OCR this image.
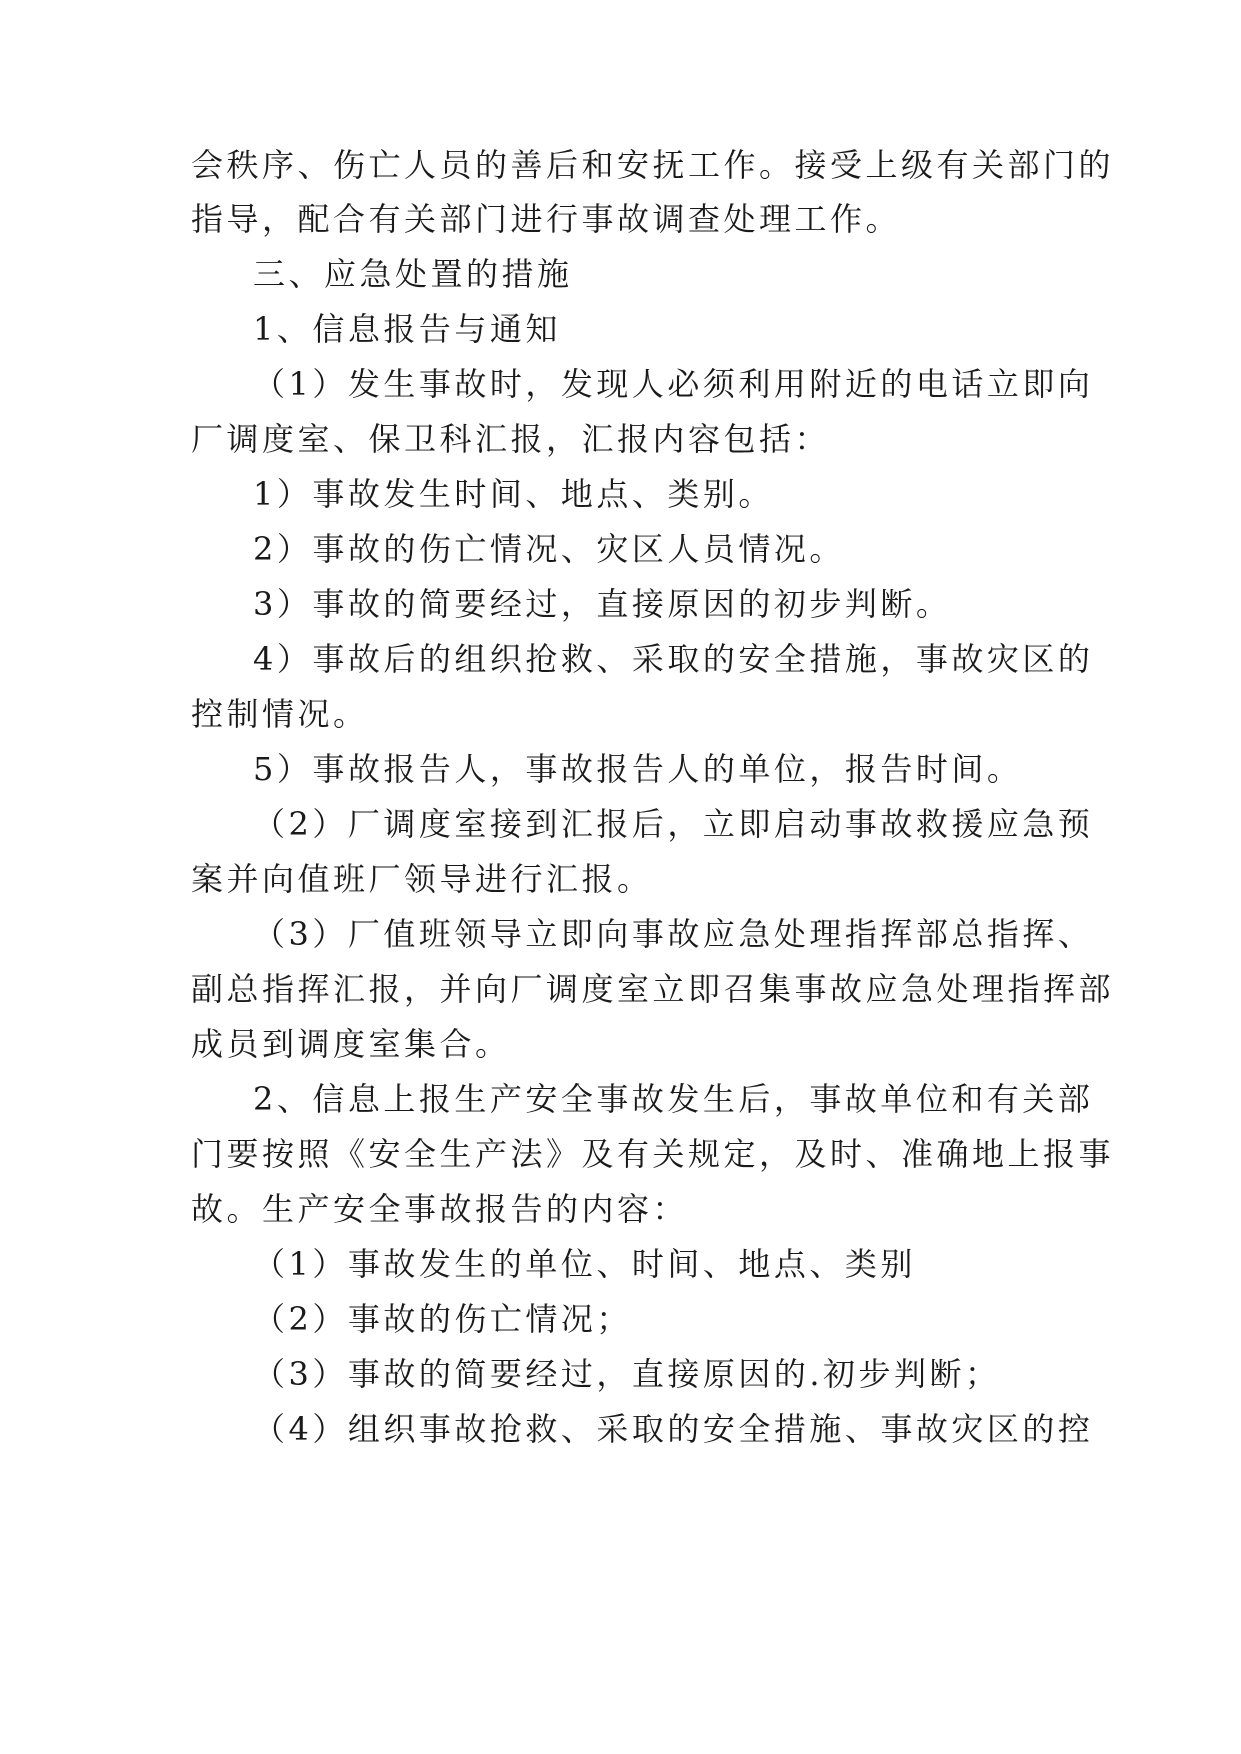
会秩序、伤亡人员的善后和安抚工作。接受上级有关部门的
指导，配合有关部门进行事故调查处理工作。
三、应急处置的措施
1、信息报告与通知
（1）发生事故时，发现人必须利用附近的电话立即向
厂调度室、保卫科汇报，汇报内容包括：
1）事故发生时间、地点、类别。
2）事故的伤亡情况、灾区人员情况。
3）事故的简要经过，直接原因的初步判断。
4）事故后的组织抢救、采取的安全措施，事故灾区的
控制情况。
5）事故报告人，事故报告人的单位，报告时间。
（2）厂调度室接到汇报后，立即启动事故救援应急预
案并向值班厂领导进行汇报。
（3）厂值班领导立即向事故应急处理指挥部总指挥、
副总指挥汇报，并向厂调度室立即召集事故应急处理指挥部
成员到调度室集合。
2、信息上报生产安全事故发生后，事故单位和有关部
门要按照《安全生产法》及有关规定，及时、准确地上报事
故。生产安全事故报告的内容：
（1）事故发生的单位、时间、地点、类别
（2）事故的伤亡情况；
（3）事故的简要经过，直接原因的.初步判断；
（4）组织事故抢救、采取的安全措施、事故灾区的控
